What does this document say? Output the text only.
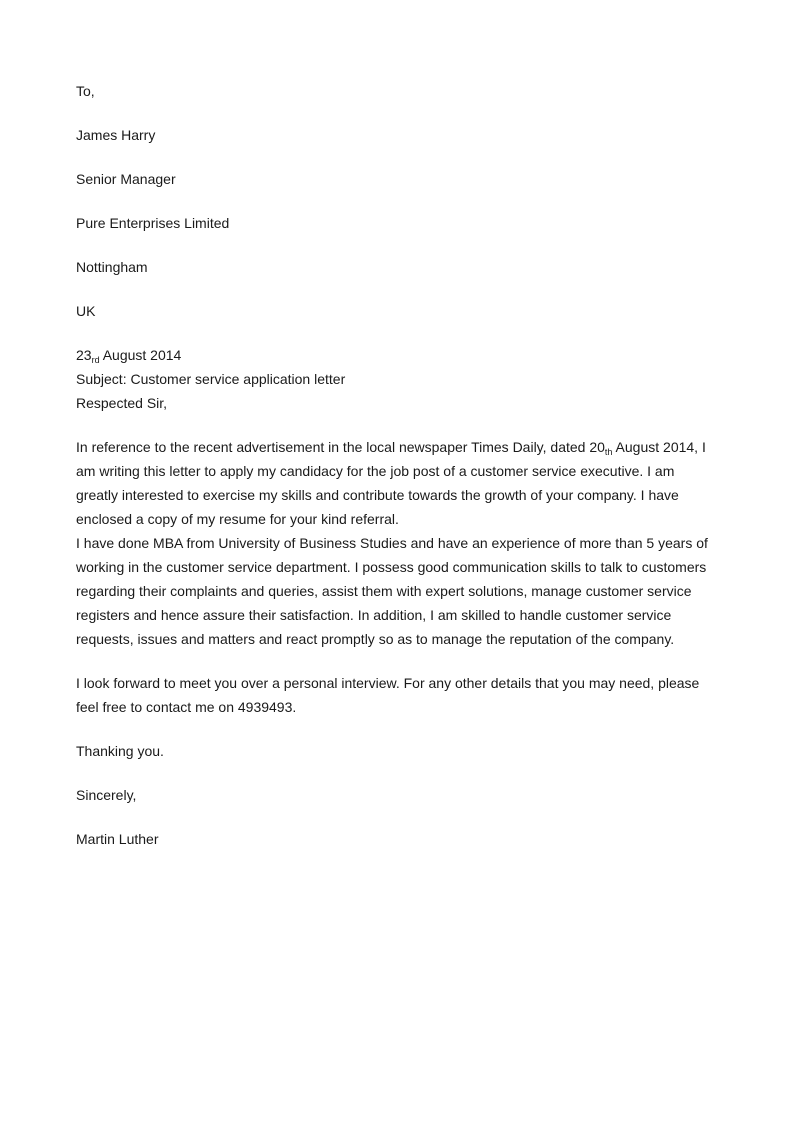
To,

James Harry

Senior Manager

Pure Enterprises Limited

Nottingham

UK

$23_{rd}$ August 2014

Subject: Customer service application letter

Respected Sir,

In reference to the recent advertisement in the local newspaper Times Daily, dated $20_{th}$ August 2014, I

am writing this letter to apply my candidacy for the job post of a customer service executive. I am

greatly interested to exercise my skills and contribute towards the growth of your company. I have

enclosed a copy of my resume for your kind referral.

I have done MBA from University of Business Studies and have an experience of more than 5 years of

working in the customer service department. I possess good communication skills to talk to customers

regarding their complaints and queries, assist them with expert solutions, manage customer service

registers and hence assure their satisfaction. In addition, I am skilled to handle customer service

requests, issues and matters and react promptly so as to manage the reputation of the company.

I look forward to meet you over a personal interview. For any other details that you may need, please

feel free to contact me on 4939493.

Thanking you.

Sincerely,

Martin Luther
